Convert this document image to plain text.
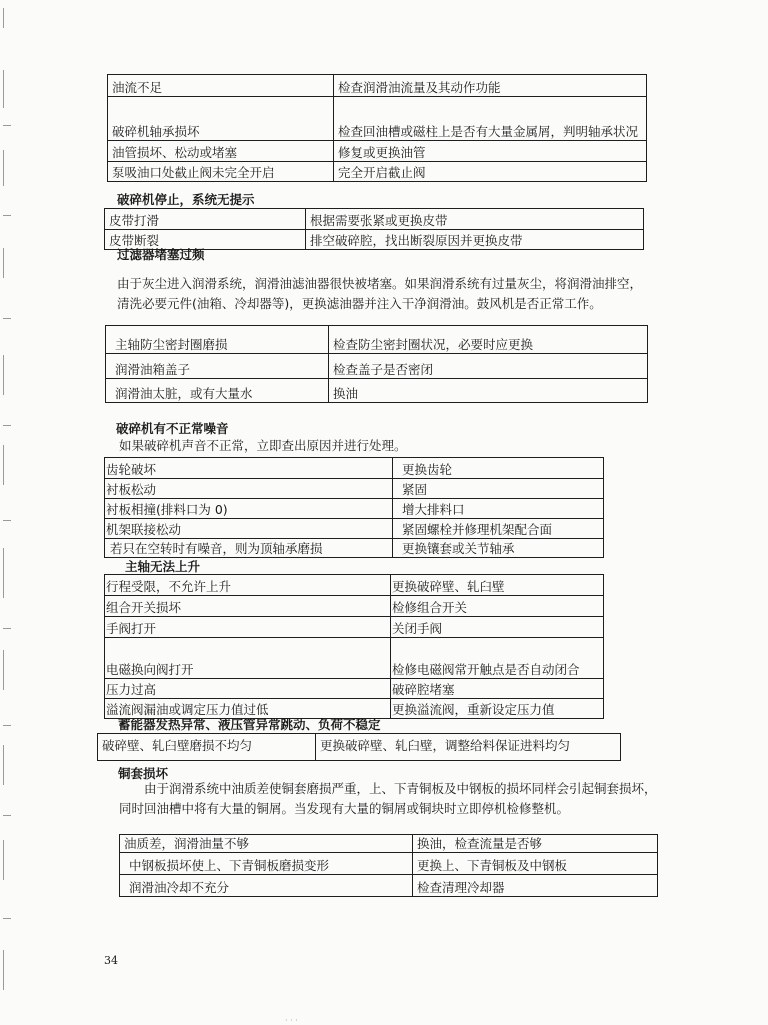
油流不足	检查润滑油流量及其动作功能
破碎机轴承损坏	检查回油槽或磁柱上是否有大量金属屑，判明轴承状况
油管损坏、松动或堵塞	修复或更换油管
泵吸油口处截止阀未完全开启	完全开启截止阀
破碎机停止，系统无提示
皮带打滑	根据需要张紧或更换皮带
皮带断裂	排空破碎腔，找出断裂原因并更换皮带
过滤器堵塞过频

由于灰尘进入润滑系统，润滑油滤油器很快被堵塞。如果润滑系统有过量灰尘，将润滑油排空，清洗必要元件(油箱、冷却器等)，更换滤油器并注入干净润滑油。鼓风机是否正常工作。

主轴防尘密封圈磨损	检查防尘密封圈状况，必要时应更换
润滑油箱盖子	检查盖子是否密闭
润滑油太脏，或有大量水	换油
破碎机有不正常噪音

如果破碎机声音不正常，立即查出原因并进行处理。

齿轮破坏	更换齿轮
衬板松动	紧固
衬板相撞(排料口为 0)	增大排料口
机架联接松动	紧固螺栓并修理机架配合面
若只在空转时有噪音，则为顶轴承磨损	更换镶套或关节轴承
主轴无法上升
行程受限，不允许上升	更换破碎壁、轧臼壁
组合开关损坏	检修组合开关
手阀打开	关闭手阀
电磁换向阀打开	检修电磁阀常开触点是否自动闭合
压力过高	破碎腔堵塞
溢流阀漏油或调定压力值过低	更换溢流阀，重新设定压力值
蓄能器发热异常、液压管异常跳动、负荷不稳定
破碎壁、轧臼壁磨损不均匀	更换破碎壁、轧臼壁，调整给料保证进料均匀
铜套损坏

由于润滑系统中油质差使铜套磨损严重，上、下青铜板及中钢板的损坏同样会引起铜套损坏，同时回油槽中将有大量的铜屑。当发现有大量的铜屑或铜块时立即停机检修整机。

油质差，润滑油量不够	换油，检查流量是否够
中钢板损坏使上、下青铜板磨损变形	更换上、下青铜板及中钢板
润滑油冷却不充分	检查清理冷却器
34
· · ·
